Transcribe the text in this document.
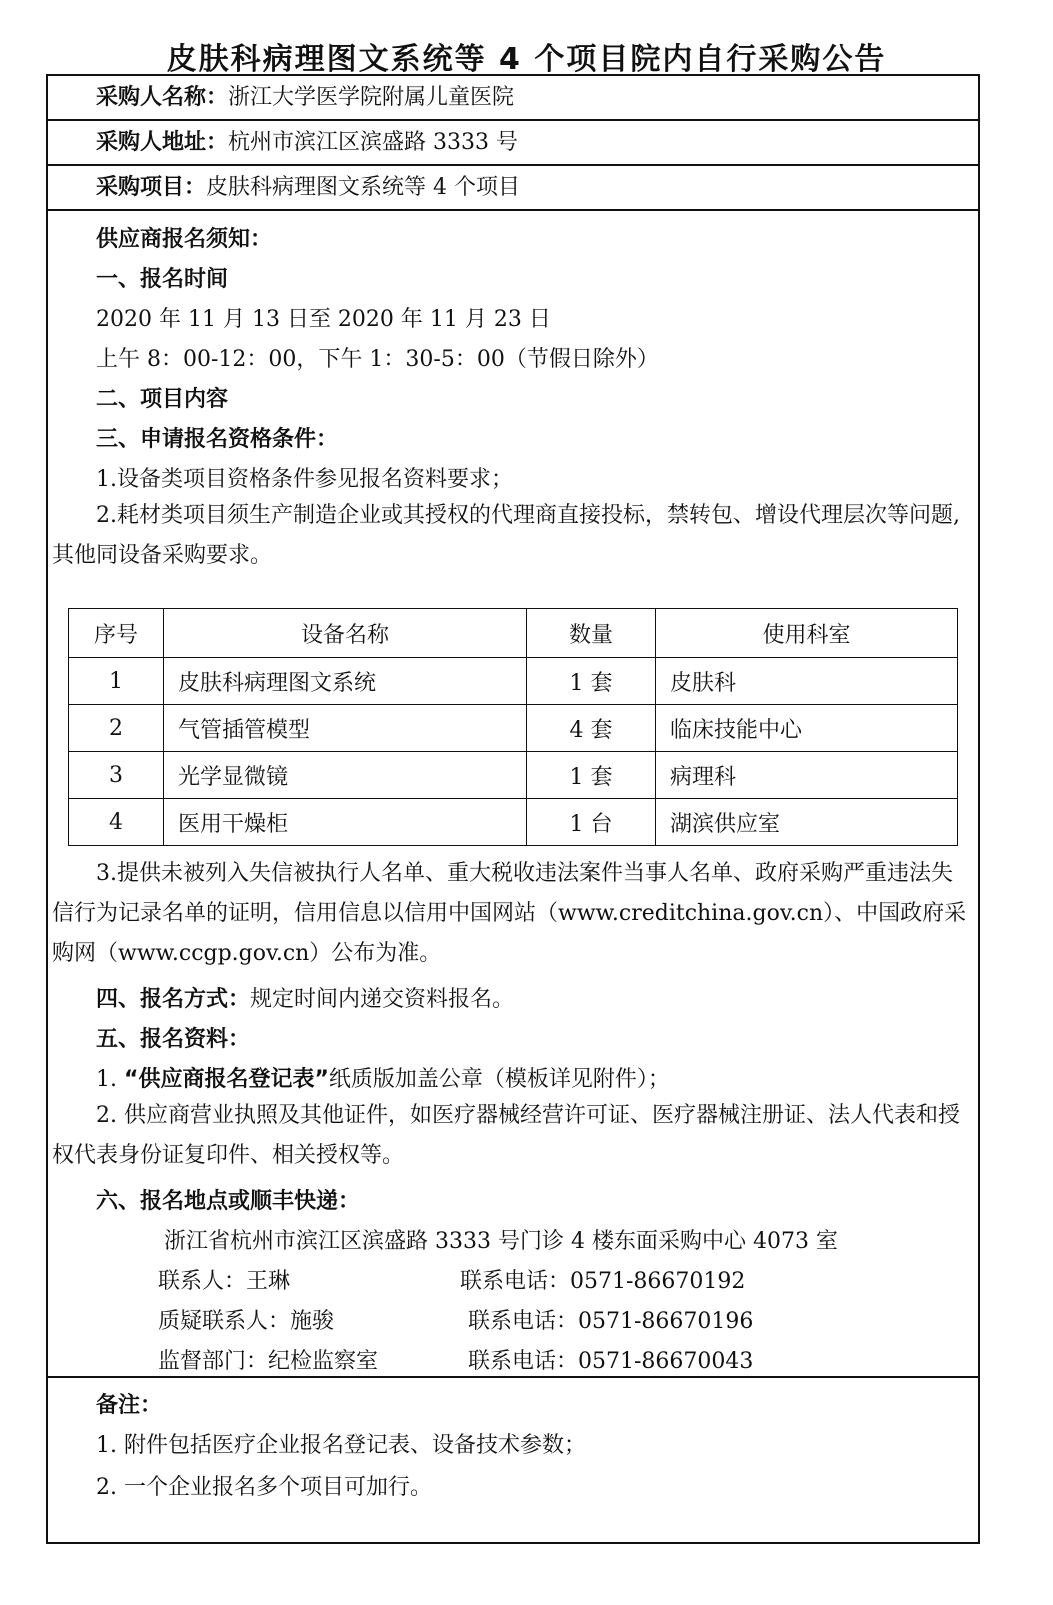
皮肤科病理图文系统等 4 个项目院内自行采购公告
采购人名称：浙江大学医学院附属儿童医院
采购人地址：杭州市滨江区滨盛路 3333 号
采购项目：皮肤科病理图文系统等 4 个项目
供应商报名须知：
一、报名时间
2020 年 11 月 13 日至 2020 年 11 月 23 日
上午 8：00-12：00，下午 1：30-5：00（节假日除外）
二、项目内容
三、申请报名资格条件：
1.设备类项目资格条件参见报名资料要求；
2.耗材类项目须生产制造企业或其授权的代理商直接投标，禁转包、增设代理层次等问题,其他同设备采购要求。
序号	设备名称	数量	使用科室
1	皮肤科病理图文系统	1 套	皮肤科
2	气管插管模型	4 套	临床技能中心
3	光学显微镜	1 套	病理科
4	医用干燥柜	1 台	湖滨供应室
3.提供未被列入失信被执行人名单、重大税收违法案件当事人名单、政府采购严重违法失信行为记录名单的证明，信用信息以信用中国网站（www.creditchina.gov.cn）、中国政府采购网（www.ccgp.gov.cn）公布为准。
四、报名方式：规定时间内递交资料报名。
五、报名资料：
1. “供应商报名登记表”纸质版加盖公章（模板详见附件）；
2. 供应商营业执照及其他证件，如医疗器械经营许可证、医疗器械注册证、法人代表和授权代表身份证复印件、相关授权等。
六、报名地点或顺丰快递：
浙江省杭州市滨江区滨盛路 3333 号门诊 4 楼东面采购中心 4073 室
联系人：王琳	联系电话：0571-86670192
质疑联系人：施骏	联系电话：0571-86670196
监督部门：纪检监察室	联系电话：0571-86670043
备注：
1. 附件包括医疗企业报名登记表、设备技术参数；
2. 一个企业报名多个项目可加行。
